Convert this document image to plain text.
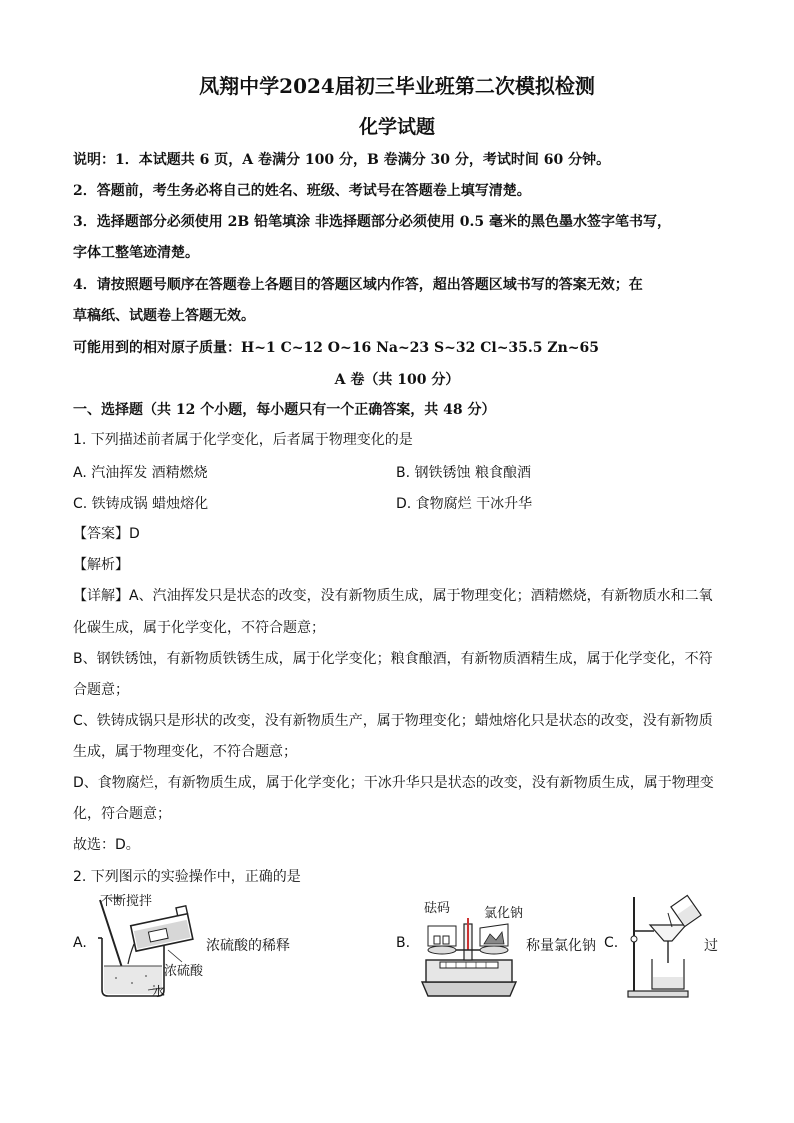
凤翔中学2024届初三毕业班第二次模拟检测
化学试题
说明：1．本试题共 6 页，A 卷满分 100 分，B 卷满分 30 分，考试时间 60 分钟。
2．答题前，考生务必将自己的姓名、班级、考试号在答题卷上填写清楚。
3．选择题部分必须使用 2B 铅笔填涂 非选择题部分必须使用 0.5 毫米的黑色墨水签字笔书写，
字体工整笔迹清楚。
4．请按照题号顺序在答题卷上各题目的答题区域内作答，超出答题区域书写的答案无效；在
草稿纸、试题卷上答题无效。
可能用到的相对原子质量：H~1 C~12 O~16 Na~23 S~32 Cl~35.5 Zn~65
A 卷（共 100 分）
一、选择题（共 12 个小题，每小题只有一个正确答案，共 48 分）
1. 下列描述前者属于化学变化，后者属于物理变化的是
A. 汽油挥发 酒精燃烧	B. 钢铁锈蚀 粮食酿酒
C. 铁铸成锅 蜡烛熔化	D. 食物腐烂 干冰升华
【答案】D
【解析】
【详解】A、汽油挥发只是状态的改变，没有新物质生成，属于物理变化；酒精燃烧，有新物质水和二氧
化碳生成，属于化学变化，不符合题意；
B、钢铁锈蚀，有新物质铁锈生成，属于化学变化；粮食酿酒，有新物质酒精生成，属于化学变化，不符
合题意；
C、铁铸成锅只是形状的改变，没有新物质生产，属于物理变化；蜡烛熔化只是状态的改变，没有新物质
生成，属于物理变化，不符合题意；
D、食物腐烂，有新物质生成，属于化学变化；干冰升华只是状态的改变，没有新物质生成，属于物理变
化，符合题意；
故选：D。
2. 下列图示的实验操作中，正确的是
A.
不断搅拌
浓硫酸
水
浓硫酸的稀释	B.
砝码	氯化钠
称量氯化钠 C.	过
